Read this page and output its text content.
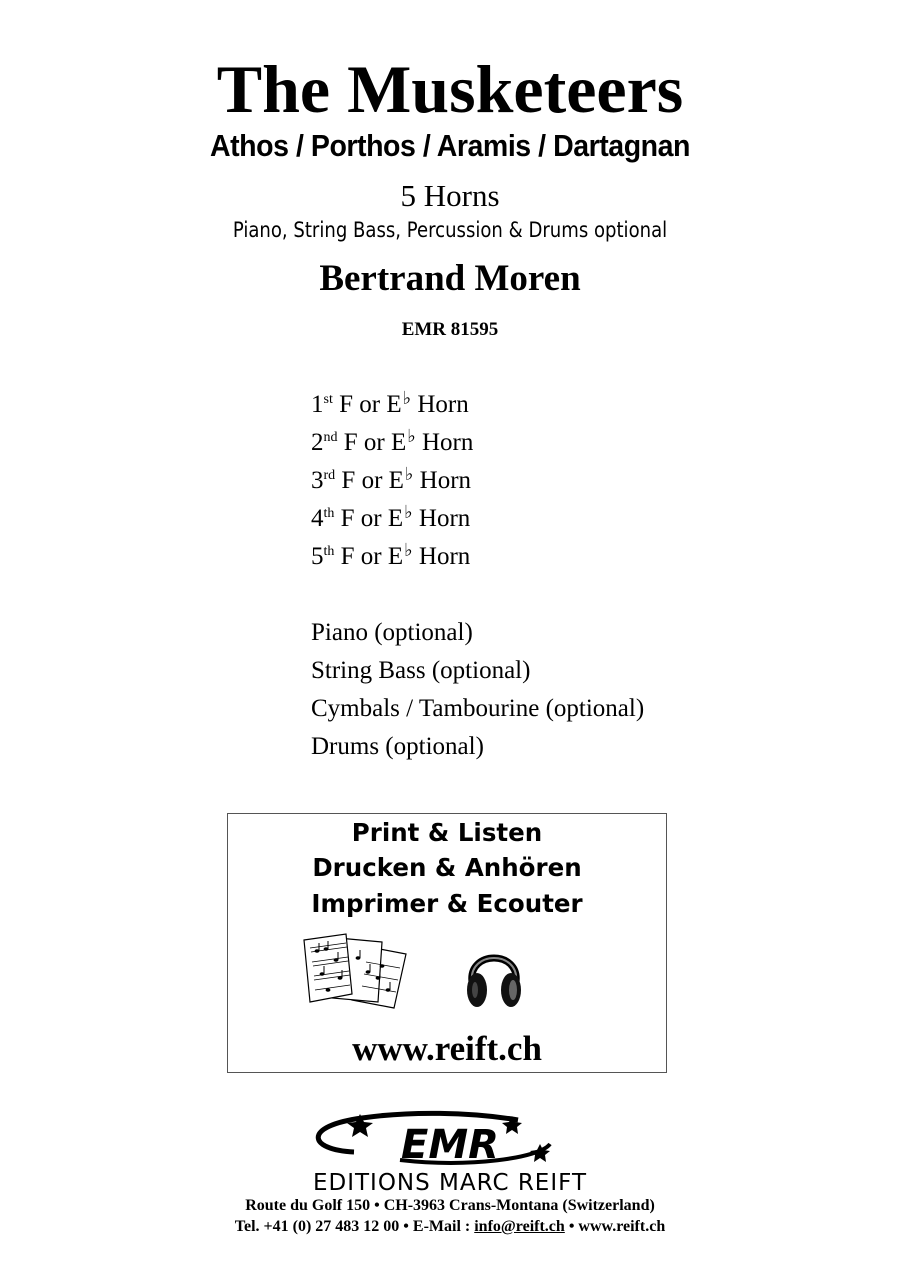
The Musketeers
Athos / Porthos / Aramis / Dartagnan
5 Horns
Piano, String Bass, Percussion & Drums optional
Bertrand Moren
EMR 81595
1st F or E♭ Horn
2nd F or E♭ Horn
3rd F or E♭ Horn
4th F or E♭ Horn
5th F or E♭ Horn
Piano (optional)
String Bass (optional)
Cymbals / Tambourine (optional)
Drums (optional)
Print & Listen
Drucken & Anhören
Imprimer & Ecouter
www.reift.ch
EMR
EDITIONS MARC REIFT
Route du Golf 150 • CH-3963 Crans-Montana (Switzerland)
Tel. +41 (0) 27 483 12 00 • E-Mail : info@reift.ch • www.reift.ch
